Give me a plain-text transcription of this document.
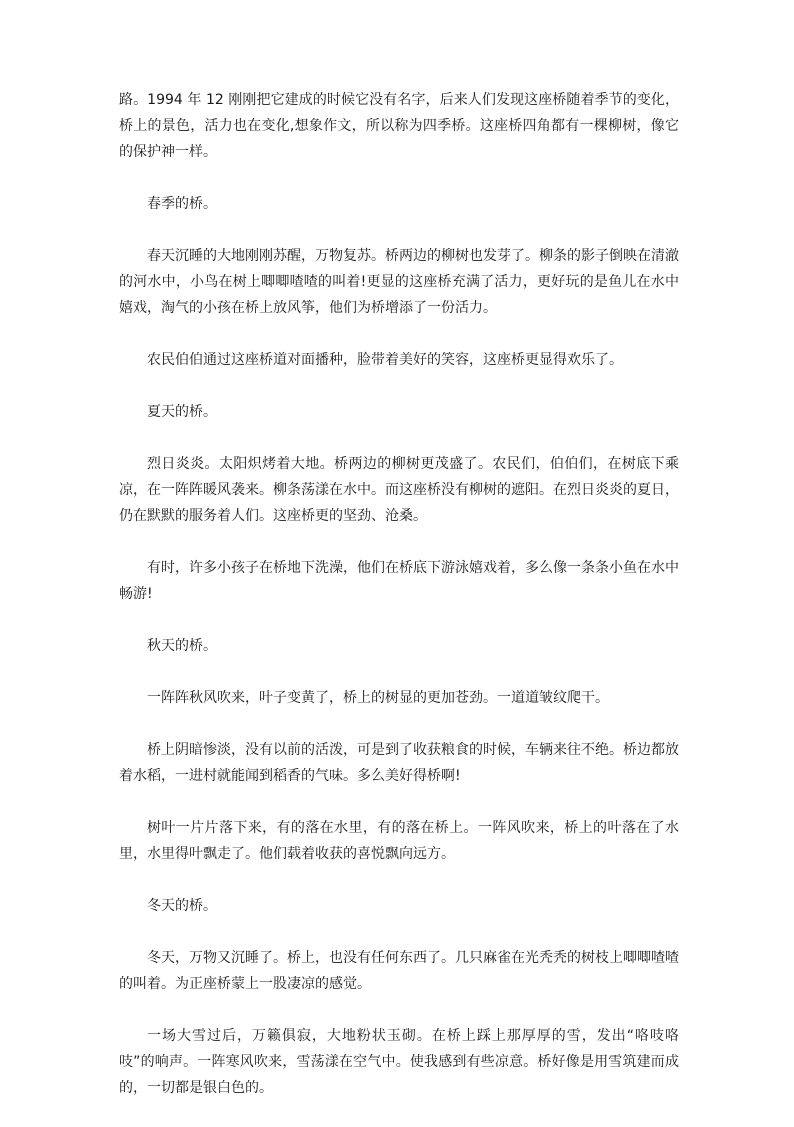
路。1994 年 12 刚刚把它建成的时候它没有名字，后来人们发现这座桥随着季节的变化，桥上的景色，活力也在变化,想象作文，所以称为四季桥。这座桥四角都有一棵柳树，像它的保护神一样。

春季的桥。

春天沉睡的大地刚刚苏醒，万物复苏。桥两边的柳树也发芽了。柳条的影子倒映在清澈的河水中，小鸟在树上唧唧喳喳的叫着!更显的这座桥充满了活力，更好玩的是鱼儿在水中嬉戏，淘气的小孩在桥上放风筝，他们为桥增添了一份活力。

农民伯伯通过这座桥道对面播种，脸带着美好的笑容，这座桥更显得欢乐了。

夏天的桥。

烈日炎炎。太阳炽烤着大地。桥两边的柳树更茂盛了。农民们，伯伯们，在树底下乘凉，在一阵阵暖风袭来。柳条荡漾在水中。而这座桥没有柳树的遮阳。在烈日炎炎的夏日，仍在默默的服务着人们。这座桥更的坚劲、沧桑。

有时，许多小孩子在桥地下洗澡，他们在桥底下游泳嬉戏着，多么像一条条小鱼在水中畅游!

秋天的桥。

一阵阵秋风吹来，叶子变黄了，桥上的树显的更加苍劲。一道道皱纹爬干。

桥上阴暗惨淡，没有以前的活泼，可是到了收获粮食的时候，车辆来往不绝。桥边都放着水稻，一进村就能闻到稻香的气味。多么美好得桥啊!

树叶一片片落下来，有的落在水里，有的落在桥上。一阵风吹来，桥上的叶落在了水里，水里得叶飘走了。他们载着收获的喜悦飘向远方。

冬天的桥。

冬天，万物又沉睡了。桥上，也没有任何东西了。几只麻雀在光秃秃的树枝上唧唧喳喳的叫着。为正座桥蒙上一股凄凉的感觉。

一场大雪过后，万籁俱寂，大地粉状玉砌。在桥上踩上那厚厚的雪，发出“咯吱咯吱”的响声。一阵寒风吹来，雪荡漾在空气中。使我感到有些凉意。桥好像是用雪筑建而成的，一切都是银白色的。
